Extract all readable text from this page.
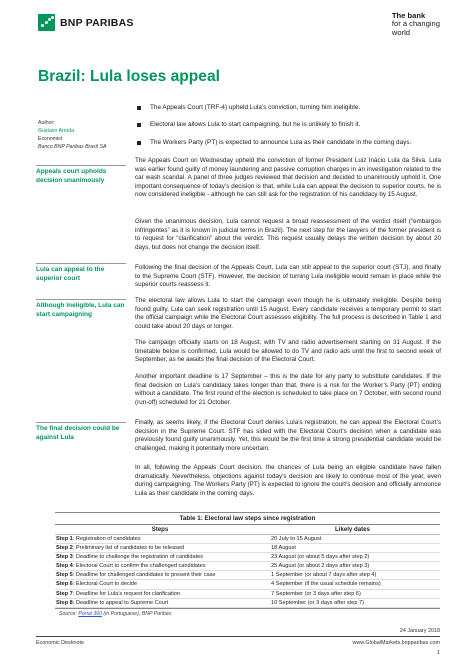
BNP PARIBAS
The bank
for a changing
world
Brazil: Lula loses appeal
Author:
Gustavo Arruda
Economist
Banco BNP Paribas Brasil SA
The Appeals Court (TRF-4) upheld Lula’s conviction, turning him ineligible.
Electoral law allows Lula to start campaigning, but he is unlikely to finish it.
The Workers Party (PT) is expected to announce Lula as their candidate in the coming days.
Appeals court upholds decision unanimously
Lula can appeal to the superior court
Although ineligible, Lula can start campaigning
The final decision could be against Lula
The Appeals Court on Wednesday upheld the conviction of former President Luiz Inácio Lula da Silva. Lula was earlier found guilty of money laundering and passive corruption charges in an investigation related to the car wash scandal. A panel of three judges reviewed that decision and decided to unanimously uphold it. One important consequence of today’s decision is that, while Lula can appeal the decision to superior courts, he is now considered ineligible - although he can still ask for the registration of his candidacy by 15 August.
Given the unanimous decision, Lula cannot request a broad reassessment of the verdict itself (“embargos infringentes” as it is known in judicial terms in Brazil). The next step for the lawyers of the former president is to request for “clarification” about the verdict. This request usually delays the written decision by about 20 days, but does not change the decision itself.
Following the final decision of the Appeals Court, Lula can still appeal to the superior court (STJ), and finally to the Supreme Court (STF). However, the decision of turning Lula ineligible would remain in place while the superior courts reassess it.
The electoral law allows Lula to start the campaign even though he is ultimately ineligible. Despite being found guilty, Lula can seek registration until 15 August. Every candidate receives a temporary permit to start the official campaign while the Electoral Court assesses eligibility. The full process is described in Table 1 and could take about 20 days or longer.
The campaign officially starts on 18 August, with TV and radio advertisement starting on 31 August. If the timetable below is confirmed, Lula would be allowed to do TV and radio ads until the first to second week of September, as he awaits the final decision of the Electoral Court.
Another important deadline is 17 September – this is the date for any party to substitute candidates. If the final decision on Lula’s candidacy takes longer than that, there is a risk for the Worker’s Party (PT) ending without a candidate. The first round of the election is scheduled to take place on 7 October, with second round (run-off) scheduled for 21 October.
Finally, as seems likely, if the Electoral Court denies Lula’s registration, he can appeal the Electoral Court’s decision in the Supreme Court. STF has sided with the Electoral Court’s decision when a candidate was previously found guilty unanimously. Yet, this would be the first time a strong presidential candidate would be challenged, making it potentially more uncertain.
In all, following the Appeals Court decision, the chances of Lula being an eligible candidate have fallen dramatically. Nevertheless, objections against today’s decision are likely to continue most of the year, even during campaigning. The Workers Party (PT) is expected to ignore the court’s decision and officially announce Lula as their candidate in the coming days.
Table 1: Electoral law steps since registration
Steps	Likely dates
Step 1: Registration of candidates	20 July to 15 August
Step 2: Preliminary list of candidates to be released	18 August
Step 3: Deadline to challenge the registration of candidates	23 August (or about 5 days after step 2)
Step 4: Electoral Court to confirm the challenged candidates	25 August (or about 2 days after step 3)
Step 5: Deadline for challenged candidates to present their case	1 September (or about 7 days after step 4)
Step 6: Electoral Court to decide	4 September (if the usual schedule remains)
Step 7: Deadline for Lula’s request for clarification	7 September (or 3 days after step 6)
Step 8: Deadline to appeal to Supreme Court	10 September (or 3 days after step 7)
Source: Portal 360 (in Portuguese), BNP Paribas
24 January 2018
Economic Desknote	www.GlobalMarkets.bnpparibas.com
1
